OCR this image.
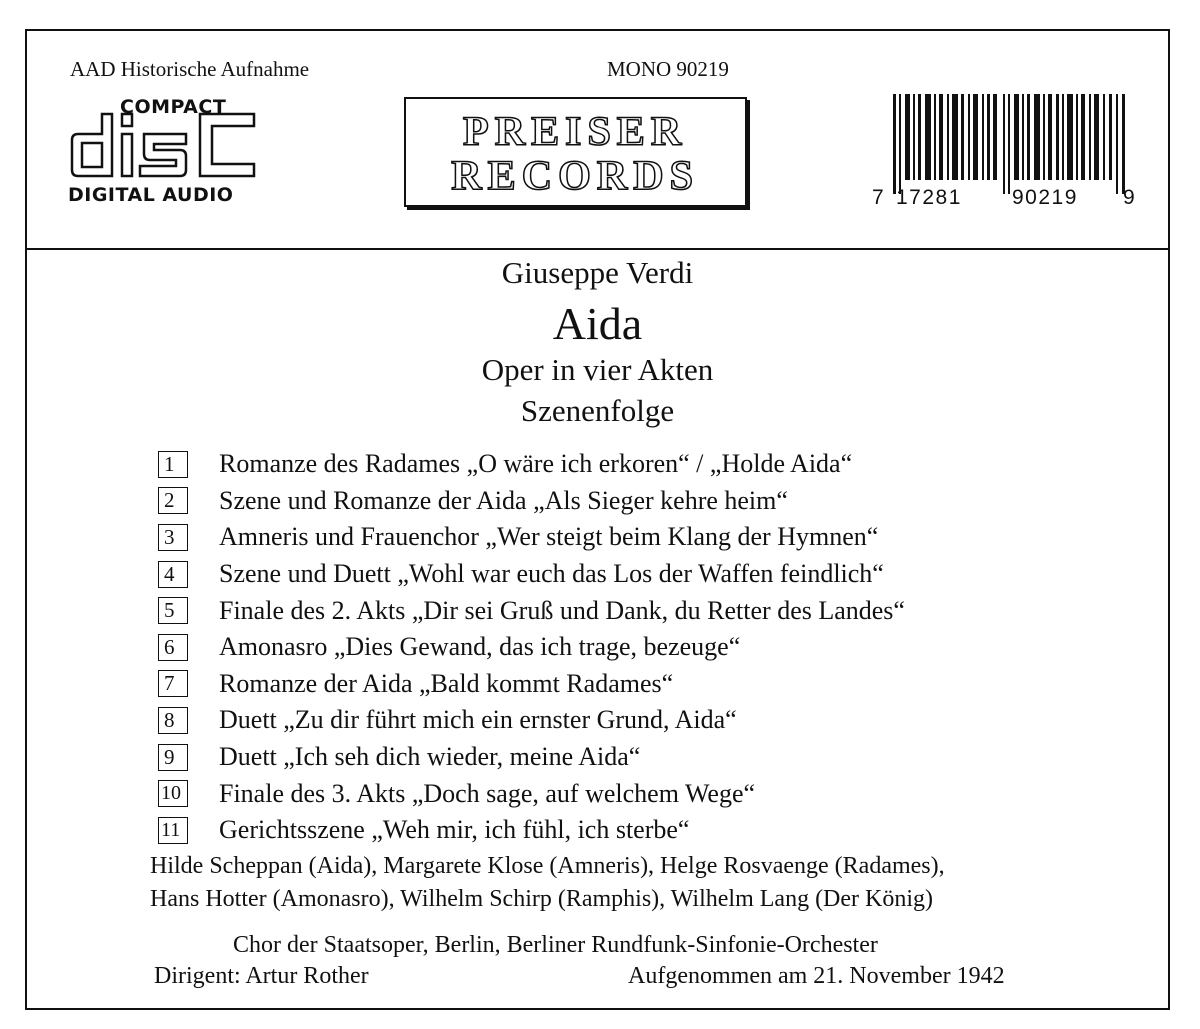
AAD Historische Aufnahme	MONO 90219
COMPACT
DIGITAL AUDIO
PREISER
RECORDS	7 17281 90219 9
Giuseppe Verdi
Aida
Oper in vier Akten
Szenenfolge
1	Romanze des Radames „O wäre ich erkoren“ / „Holde Aida“
2	Szene und Romanze der Aida „Als Sieger kehre heim“
3	Amneris und Frauenchor „Wer steigt beim Klang der Hymnen“
4	Szene und Duett „Wohl war euch das Los der Waffen feindlich“
5	Finale des 2. Akts „Dir sei Gruß und Dank, du Retter des Landes“
6	Amonasro „Dies Gewand, das ich trage, bezeuge“
7	Romanze der Aida „Bald kommt Radames“
8	Duett „Zu dir führt mich ein ernster Grund, Aida“
9	Duett „Ich seh dich wieder, meine Aida“
10 Finale des 3. Akts „Doch sage, auf welchem Wege“
11 Gerichtsszene „Weh mir, ich fühl, ich sterbe“
Hilde Scheppan (Aida), Margarete Klose (Amneris), Helge Rosvaenge (Radames),
Hans Hotter (Amonasro), Wilhelm Schirp (Ramphis), Wilhelm Lang (Der König)
Chor der Staatsoper, Berlin, Berliner Rundfunk-Sinfonie-Orchester
Dirigent: Artur Rother	Aufgenommen am 21. November 1942
